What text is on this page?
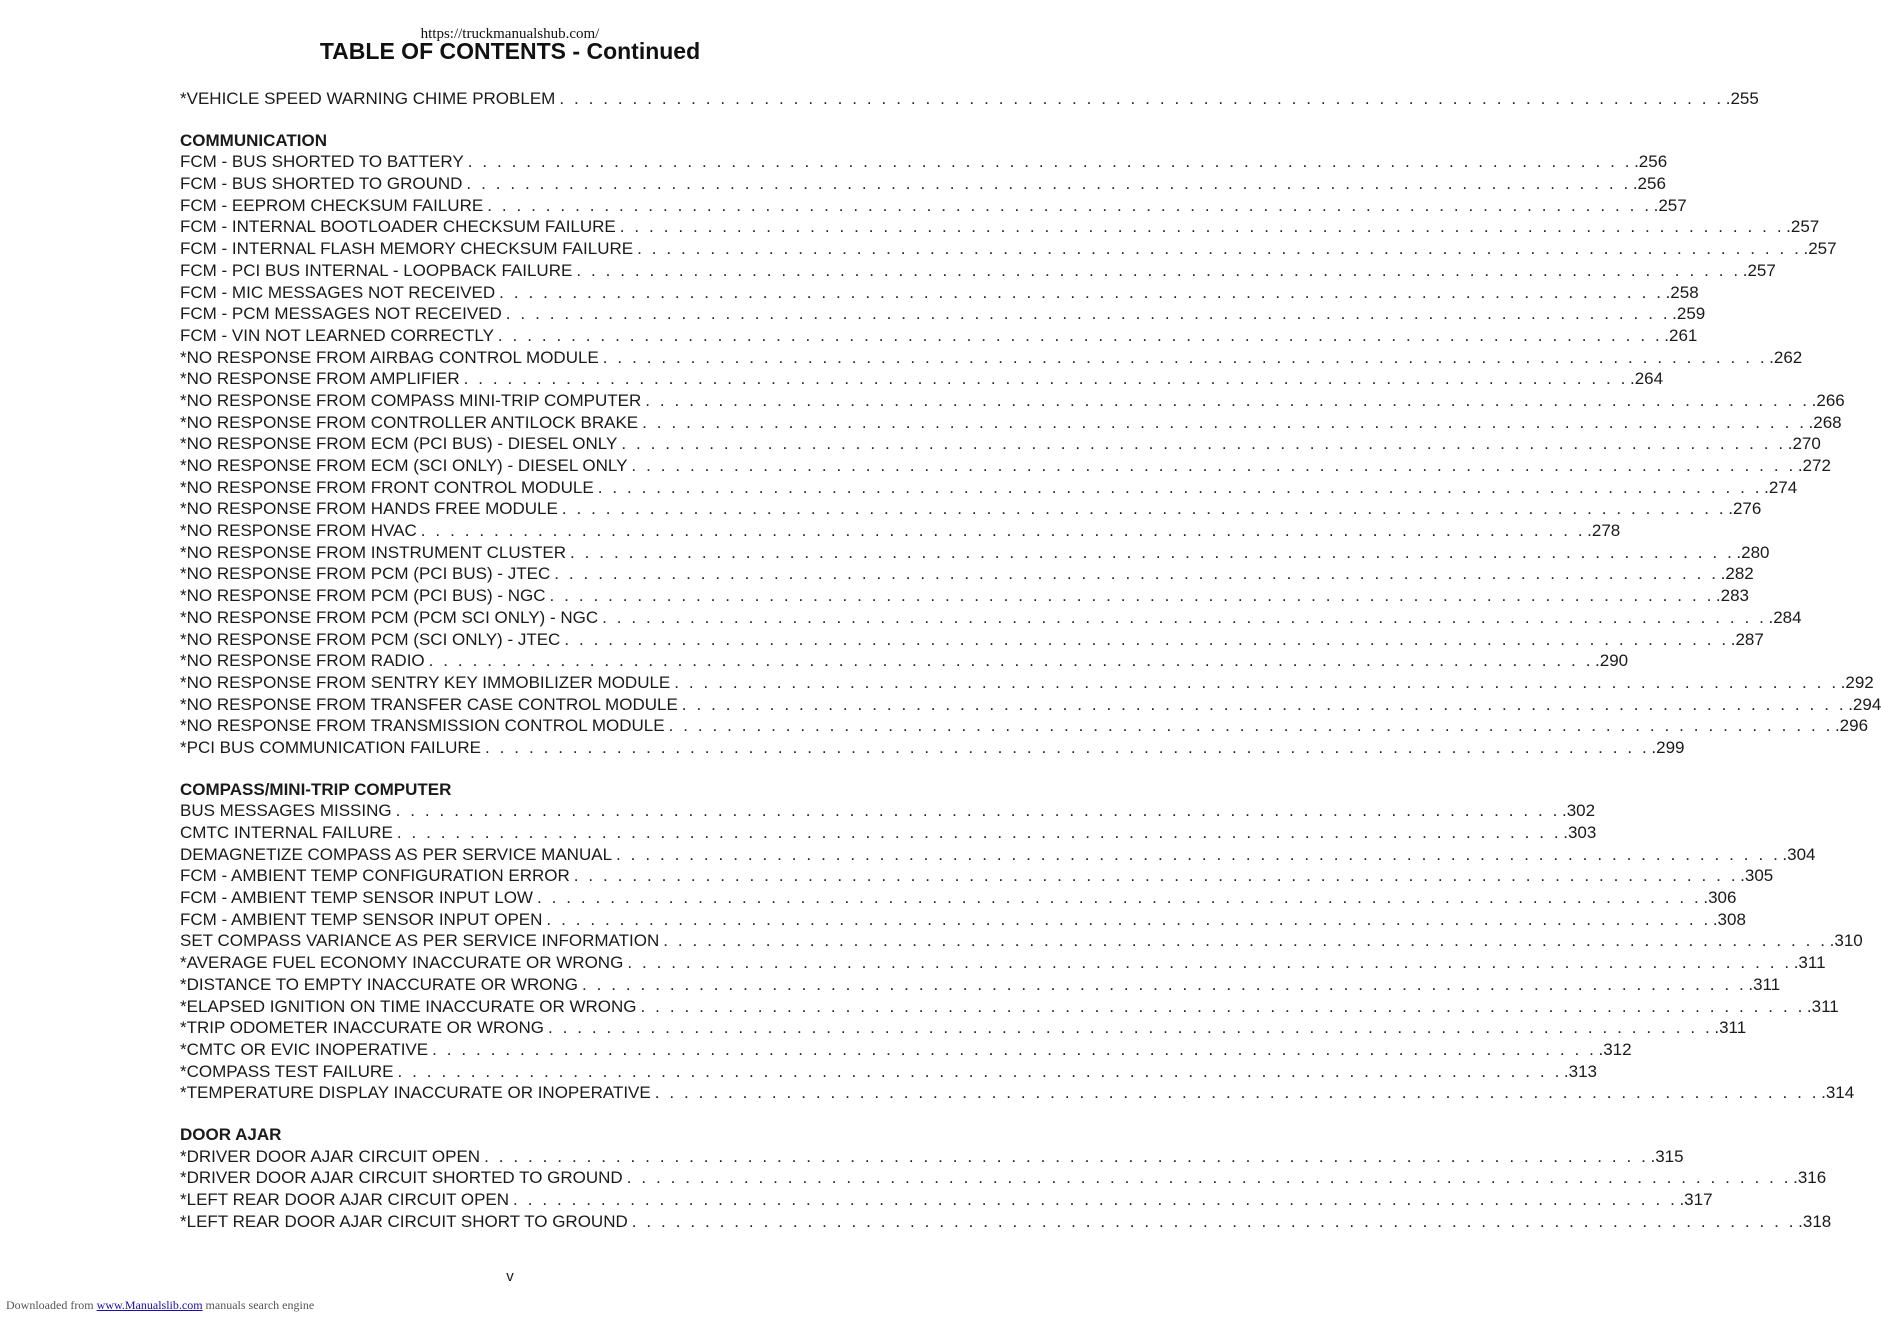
https://truckmanualshub.com/
TABLE OF CONTENTS - Continued
*VEHICLE SPEED WARNING CHIME PROBLEM . . . . . . . . . . . . . . . . . . . . . . . . . . . . . . . . . . . . . . . . . . . . . . . . . . . . . . . . . . . . . . . . . . . . . . . . . . . . . . . . .255
COMMUNICATION
FCM - BUS SHORTED TO BATTERY . . . . . . . . . . . . . . . . . . . . . . . . . . . . . . . . . . . . . . . . . . . . . . . . . . . . . . . . . . . . . . . . . . . . . . . . . . . . . . . . .256
FCM - BUS SHORTED TO GROUND . . . . . . . . . . . . . . . . . . . . . . . . . . . . . . . . . . . . . . . . . . . . . . . . . . . . . . . . . . . . . . . . . . . . . . . . . . . . . . . . .256
FCM - EEPROM CHECKSUM FAILURE . . . . . . . . . . . . . . . . . . . . . . . . . . . . . . . . . . . . . . . . . . . . . . . . . . . . . . . . . . . . . . . . . . . . . . . . . . . . . . . . .257
FCM - INTERNAL BOOTLOADER CHECKSUM FAILURE . . . . . . . . . . . . . . . . . . . . . . . . . . . . . . . . . . . . . . . . . . . . . . . . . . . . . . . . . . . . . . . . . . . . . . . . . . . . . . . . .257
FCM - INTERNAL FLASH MEMORY CHECKSUM FAILURE . . . . . . . . . . . . . . . . . . . . . . . . . . . . . . . . . . . . . . . . . . . . . . . . . . . . . . . . . . . . . . . . . . . . . . . . . . . . . . . . .257
FCM - PCI BUS INTERNAL - LOOPBACK FAILURE . . . . . . . . . . . . . . . . . . . . . . . . . . . . . . . . . . . . . . . . . . . . . . . . . . . . . . . . . . . . . . . . . . . . . . . . . . . . . . . . .257
FCM - MIC MESSAGES NOT RECEIVED . . . . . . . . . . . . . . . . . . . . . . . . . . . . . . . . . . . . . . . . . . . . . . . . . . . . . . . . . . . . . . . . . . . . . . . . . . . . . . . . .258
FCM - PCM MESSAGES NOT RECEIVED . . . . . . . . . . . . . . . . . . . . . . . . . . . . . . . . . . . . . . . . . . . . . . . . . . . . . . . . . . . . . . . . . . . . . . . . . . . . . . . . .259
FCM - VIN NOT LEARNED CORRECTLY . . . . . . . . . . . . . . . . . . . . . . . . . . . . . . . . . . . . . . . . . . . . . . . . . . . . . . . . . . . . . . . . . . . . . . . . . . . . . . . . .261
*NO RESPONSE FROM AIRBAG CONTROL MODULE . . . . . . . . . . . . . . . . . . . . . . . . . . . . . . . . . . . . . . . . . . . . . . . . . . . . . . . . . . . . . . . . . . . . . . . . . . . . . . . . .262
*NO RESPONSE FROM AMPLIFIER . . . . . . . . . . . . . . . . . . . . . . . . . . . . . . . . . . . . . . . . . . . . . . . . . . . . . . . . . . . . . . . . . . . . . . . . . . . . . . . . .264
*NO RESPONSE FROM COMPASS MINI-TRIP COMPUTER . . . . . . . . . . . . . . . . . . . . . . . . . . . . . . . . . . . . . . . . . . . . . . . . . . . . . . . . . . . . . . . . . . . . . . . . . . . . . . . . .266
*NO RESPONSE FROM CONTROLLER ANTILOCK BRAKE . . . . . . . . . . . . . . . . . . . . . . . . . . . . . . . . . . . . . . . . . . . . . . . . . . . . . . . . . . . . . . . . . . . . . . . . . . . . . . . . .268
*NO RESPONSE FROM ECM (PCI BUS) - DIESEL ONLY . . . . . . . . . . . . . . . . . . . . . . . . . . . . . . . . . . . . . . . . . . . . . . . . . . . . . . . . . . . . . . . . . . . . . . . . . . . . . . . . .270
*NO RESPONSE FROM ECM (SCI ONLY) - DIESEL ONLY . . . . . . . . . . . . . . . . . . . . . . . . . . . . . . . . . . . . . . . . . . . . . . . . . . . . . . . . . . . . . . . . . . . . . . . . . . . . . . . . .272
*NO RESPONSE FROM FRONT CONTROL MODULE . . . . . . . . . . . . . . . . . . . . . . . . . . . . . . . . . . . . . . . . . . . . . . . . . . . . . . . . . . . . . . . . . . . . . . . . . . . . . . . . .274
*NO RESPONSE FROM HANDS FREE MODULE . . . . . . . . . . . . . . . . . . . . . . . . . . . . . . . . . . . . . . . . . . . . . . . . . . . . . . . . . . . . . . . . . . . . . . . . . . . . . . . . .276
*NO RESPONSE FROM HVAC . . . . . . . . . . . . . . . . . . . . . . . . . . . . . . . . . . . . . . . . . . . . . . . . . . . . . . . . . . . . . . . . . . . . . . . . . . . . . . . . .278
*NO RESPONSE FROM INSTRUMENT CLUSTER . . . . . . . . . . . . . . . . . . . . . . . . . . . . . . . . . . . . . . . . . . . . . . . . . . . . . . . . . . . . . . . . . . . . . . . . . . . . . . . . .280
*NO RESPONSE FROM PCM (PCI BUS) - JTEC . . . . . . . . . . . . . . . . . . . . . . . . . . . . . . . . . . . . . . . . . . . . . . . . . . . . . . . . . . . . . . . . . . . . . . . . . . . . . . . . .282
*NO RESPONSE FROM PCM (PCI BUS) - NGC . . . . . . . . . . . . . . . . . . . . . . . . . . . . . . . . . . . . . . . . . . . . . . . . . . . . . . . . . . . . . . . . . . . . . . . . . . . . . . . . .283
*NO RESPONSE FROM PCM (PCM SCI ONLY) - NGC . . . . . . . . . . . . . . . . . . . . . . . . . . . . . . . . . . . . . . . . . . . . . . . . . . . . . . . . . . . . . . . . . . . . . . . . . . . . . . . . .284
*NO RESPONSE FROM PCM (SCI ONLY) - JTEC . . . . . . . . . . . . . . . . . . . . . . . . . . . . . . . . . . . . . . . . . . . . . . . . . . . . . . . . . . . . . . . . . . . . . . . . . . . . . . . . .287
*NO RESPONSE FROM RADIO . . . . . . . . . . . . . . . . . . . . . . . . . . . . . . . . . . . . . . . . . . . . . . . . . . . . . . . . . . . . . . . . . . . . . . . . . . . . . . . . .290
*NO RESPONSE FROM SENTRY KEY IMMOBILIZER MODULE . . . . . . . . . . . . . . . . . . . . . . . . . . . . . . . . . . . . . . . . . . . . . . . . . . . . . . . . . . . . . . . . . . . . . . . . . . . . . . . . .292
*NO RESPONSE FROM TRANSFER CASE CONTROL MODULE . . . . . . . . . . . . . . . . . . . . . . . . . . . . . . . . . . . . . . . . . . . . . . . . . . . . . . . . . . . . . . . . . . . . . . . . . . . . . . . . .294
*NO RESPONSE FROM TRANSMISSION CONTROL MODULE . . . . . . . . . . . . . . . . . . . . . . . . . . . . . . . . . . . . . . . . . . . . . . . . . . . . . . . . . . . . . . . . . . . . . . . . . . . . . . . . .296
*PCI BUS COMMUNICATION FAILURE . . . . . . . . . . . . . . . . . . . . . . . . . . . . . . . . . . . . . . . . . . . . . . . . . . . . . . . . . . . . . . . . . . . . . . . . . . . . . . . . .299
COMPASS/MINI-TRIP COMPUTER
BUS MESSAGES MISSING . . . . . . . . . . . . . . . . . . . . . . . . . . . . . . . . . . . . . . . . . . . . . . . . . . . . . . . . . . . . . . . . . . . . . . . . . . . . . . . . .302
CMTC INTERNAL FAILURE . . . . . . . . . . . . . . . . . . . . . . . . . . . . . . . . . . . . . . . . . . . . . . . . . . . . . . . . . . . . . . . . . . . . . . . . . . . . . . . . .303
DEMAGNETIZE COMPASS AS PER SERVICE MANUAL . . . . . . . . . . . . . . . . . . . . . . . . . . . . . . . . . . . . . . . . . . . . . . . . . . . . . . . . . . . . . . . . . . . . . . . . . . . . . . . . .304
FCM - AMBIENT TEMP CONFIGURATION ERROR . . . . . . . . . . . . . . . . . . . . . . . . . . . . . . . . . . . . . . . . . . . . . . . . . . . . . . . . . . . . . . . . . . . . . . . . . . . . . . . . .305
FCM - AMBIENT TEMP SENSOR INPUT LOW . . . . . . . . . . . . . . . . . . . . . . . . . . . . . . . . . . . . . . . . . . . . . . . . . . . . . . . . . . . . . . . . . . . . . . . . . . . . . . . . .306
FCM - AMBIENT TEMP SENSOR INPUT OPEN . . . . . . . . . . . . . . . . . . . . . . . . . . . . . . . . . . . . . . . . . . . . . . . . . . . . . . . . . . . . . . . . . . . . . . . . . . . . . . . . .308
SET COMPASS VARIANCE AS PER SERVICE INFORMATION . . . . . . . . . . . . . . . . . . . . . . . . . . . . . . . . . . . . . . . . . . . . . . . . . . . . . . . . . . . . . . . . . . . . . . . . . . . . . . . . .310
*AVERAGE FUEL ECONOMY INACCURATE OR WRONG . . . . . . . . . . . . . . . . . . . . . . . . . . . . . . . . . . . . . . . . . . . . . . . . . . . . . . . . . . . . . . . . . . . . . . . . . . . . . . . . .311
*DISTANCE TO EMPTY INACCURATE OR WRONG . . . . . . . . . . . . . . . . . . . . . . . . . . . . . . . . . . . . . . . . . . . . . . . . . . . . . . . . . . . . . . . . . . . . . . . . . . . . . . . . .311
*ELAPSED IGNITION ON TIME INACCURATE OR WRONG . . . . . . . . . . . . . . . . . . . . . . . . . . . . . . . . . . . . . . . . . . . . . . . . . . . . . . . . . . . . . . . . . . . . . . . . . . . . . . . . .311
*TRIP ODOMETER INACCURATE OR WRONG . . . . . . . . . . . . . . . . . . . . . . . . . . . . . . . . . . . . . . . . . . . . . . . . . . . . . . . . . . . . . . . . . . . . . . . . . . . . . . . . .311
*CMTC OR EVIC INOPERATIVE . . . . . . . . . . . . . . . . . . . . . . . . . . . . . . . . . . . . . . . . . . . . . . . . . . . . . . . . . . . . . . . . . . . . . . . . . . . . . . . . .312
*COMPASS TEST FAILURE . . . . . . . . . . . . . . . . . . . . . . . . . . . . . . . . . . . . . . . . . . . . . . . . . . . . . . . . . . . . . . . . . . . . . . . . . . . . . . . . .313
*TEMPERATURE DISPLAY INACCURATE OR INOPERATIVE . . . . . . . . . . . . . . . . . . . . . . . . . . . . . . . . . . . . . . . . . . . . . . . . . . . . . . . . . . . . . . . . . . . . . . . . . . . . . . . . .314
DOOR AJAR
*DRIVER DOOR AJAR CIRCUIT OPEN . . . . . . . . . . . . . . . . . . . . . . . . . . . . . . . . . . . . . . . . . . . . . . . . . . . . . . . . . . . . . . . . . . . . . . . . . . . . . . . . .315
*DRIVER DOOR AJAR CIRCUIT SHORTED TO GROUND . . . . . . . . . . . . . . . . . . . . . . . . . . . . . . . . . . . . . . . . . . . . . . . . . . . . . . . . . . . . . . . . . . . . . . . . . . . . . . . . .316
*LEFT REAR DOOR AJAR CIRCUIT OPEN . . . . . . . . . . . . . . . . . . . . . . . . . . . . . . . . . . . . . . . . . . . . . . . . . . . . . . . . . . . . . . . . . . . . . . . . . . . . . . . . .317
*LEFT REAR DOOR AJAR CIRCUIT SHORT TO GROUND . . . . . . . . . . . . . . . . . . . . . . . . . . . . . . . . . . . . . . . . . . . . . . . . . . . . . . . . . . . . . . . . . . . . . . . . . . . . . . . . .318
v
Downloaded from www.Manualslib.com manuals search engine
